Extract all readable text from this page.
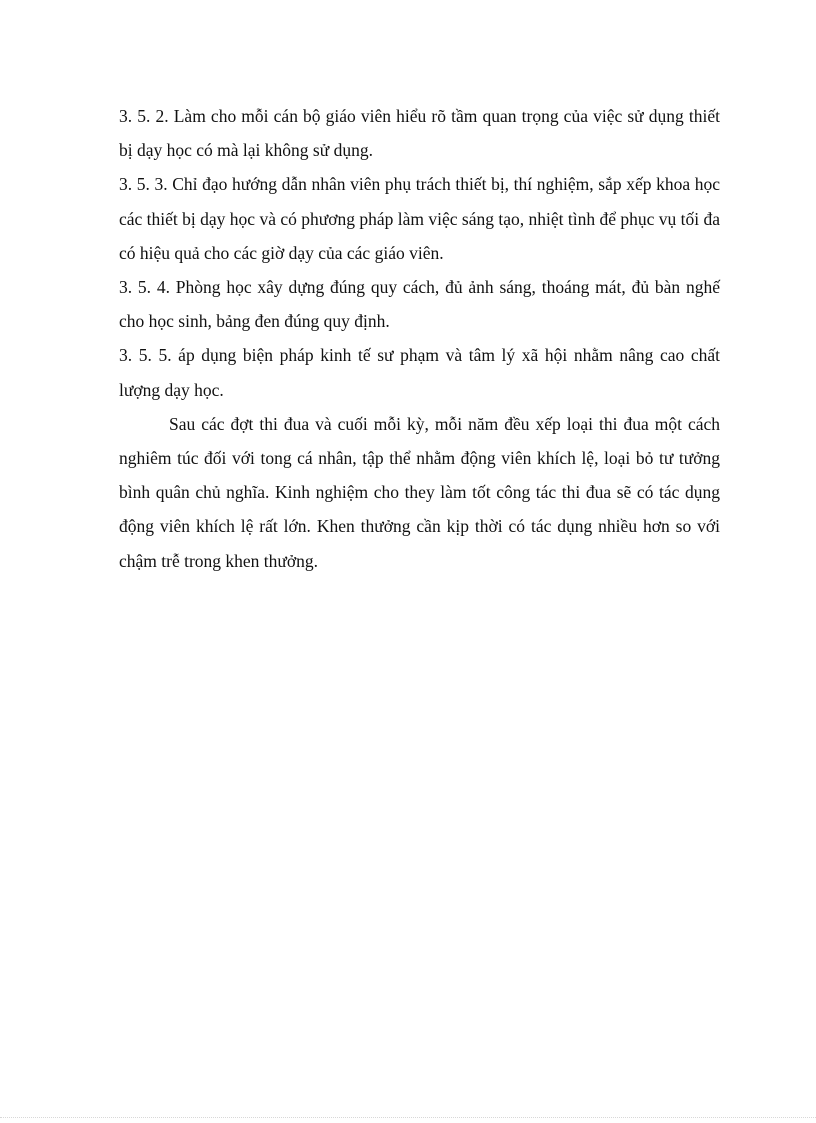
3. 5. 2. Làm cho mỗi cán bộ giáo viên hiểu rõ tầm quan trọng của việc sử dụng thiết bị dạy học có mà lại không sử dụng.

3. 5. 3. Chỉ đạo hướng dẫn nhân viên phụ trách thiết bị, thí nghiệm, sắp xếp khoa học các thiết bị dạy học và có phương pháp làm việc sáng tạo, nhiệt tình để phục vụ tối đa có hiệu quả cho các giờ dạy của các giáo viên.

3. 5. 4. Phòng học xây dựng đúng quy cách, đủ ảnh sáng, thoáng mát, đủ bàn nghế cho học sinh, bảng đen đúng quy định.

3. 5. 5. áp dụng biện pháp kinh tế sư phạm và tâm lý xã hội nhằm nâng cao chất lượng dạy học.

Sau các đợt thi đua và cuối mỗi kỳ, mỗi năm đều xếp loại thi đua một cách nghiêm túc đối với tong cá nhân, tập thể nhằm động viên khích lệ, loại bỏ tư tưởng bình quân chủ nghĩa. Kinh nghiệm cho they làm tốt công tác thi đua sẽ có tác dụng động viên khích lệ rất lớn. Khen thưởng cần kịp thời có tác dụng nhiều hơn so với chậm trễ trong khen thưởng.
